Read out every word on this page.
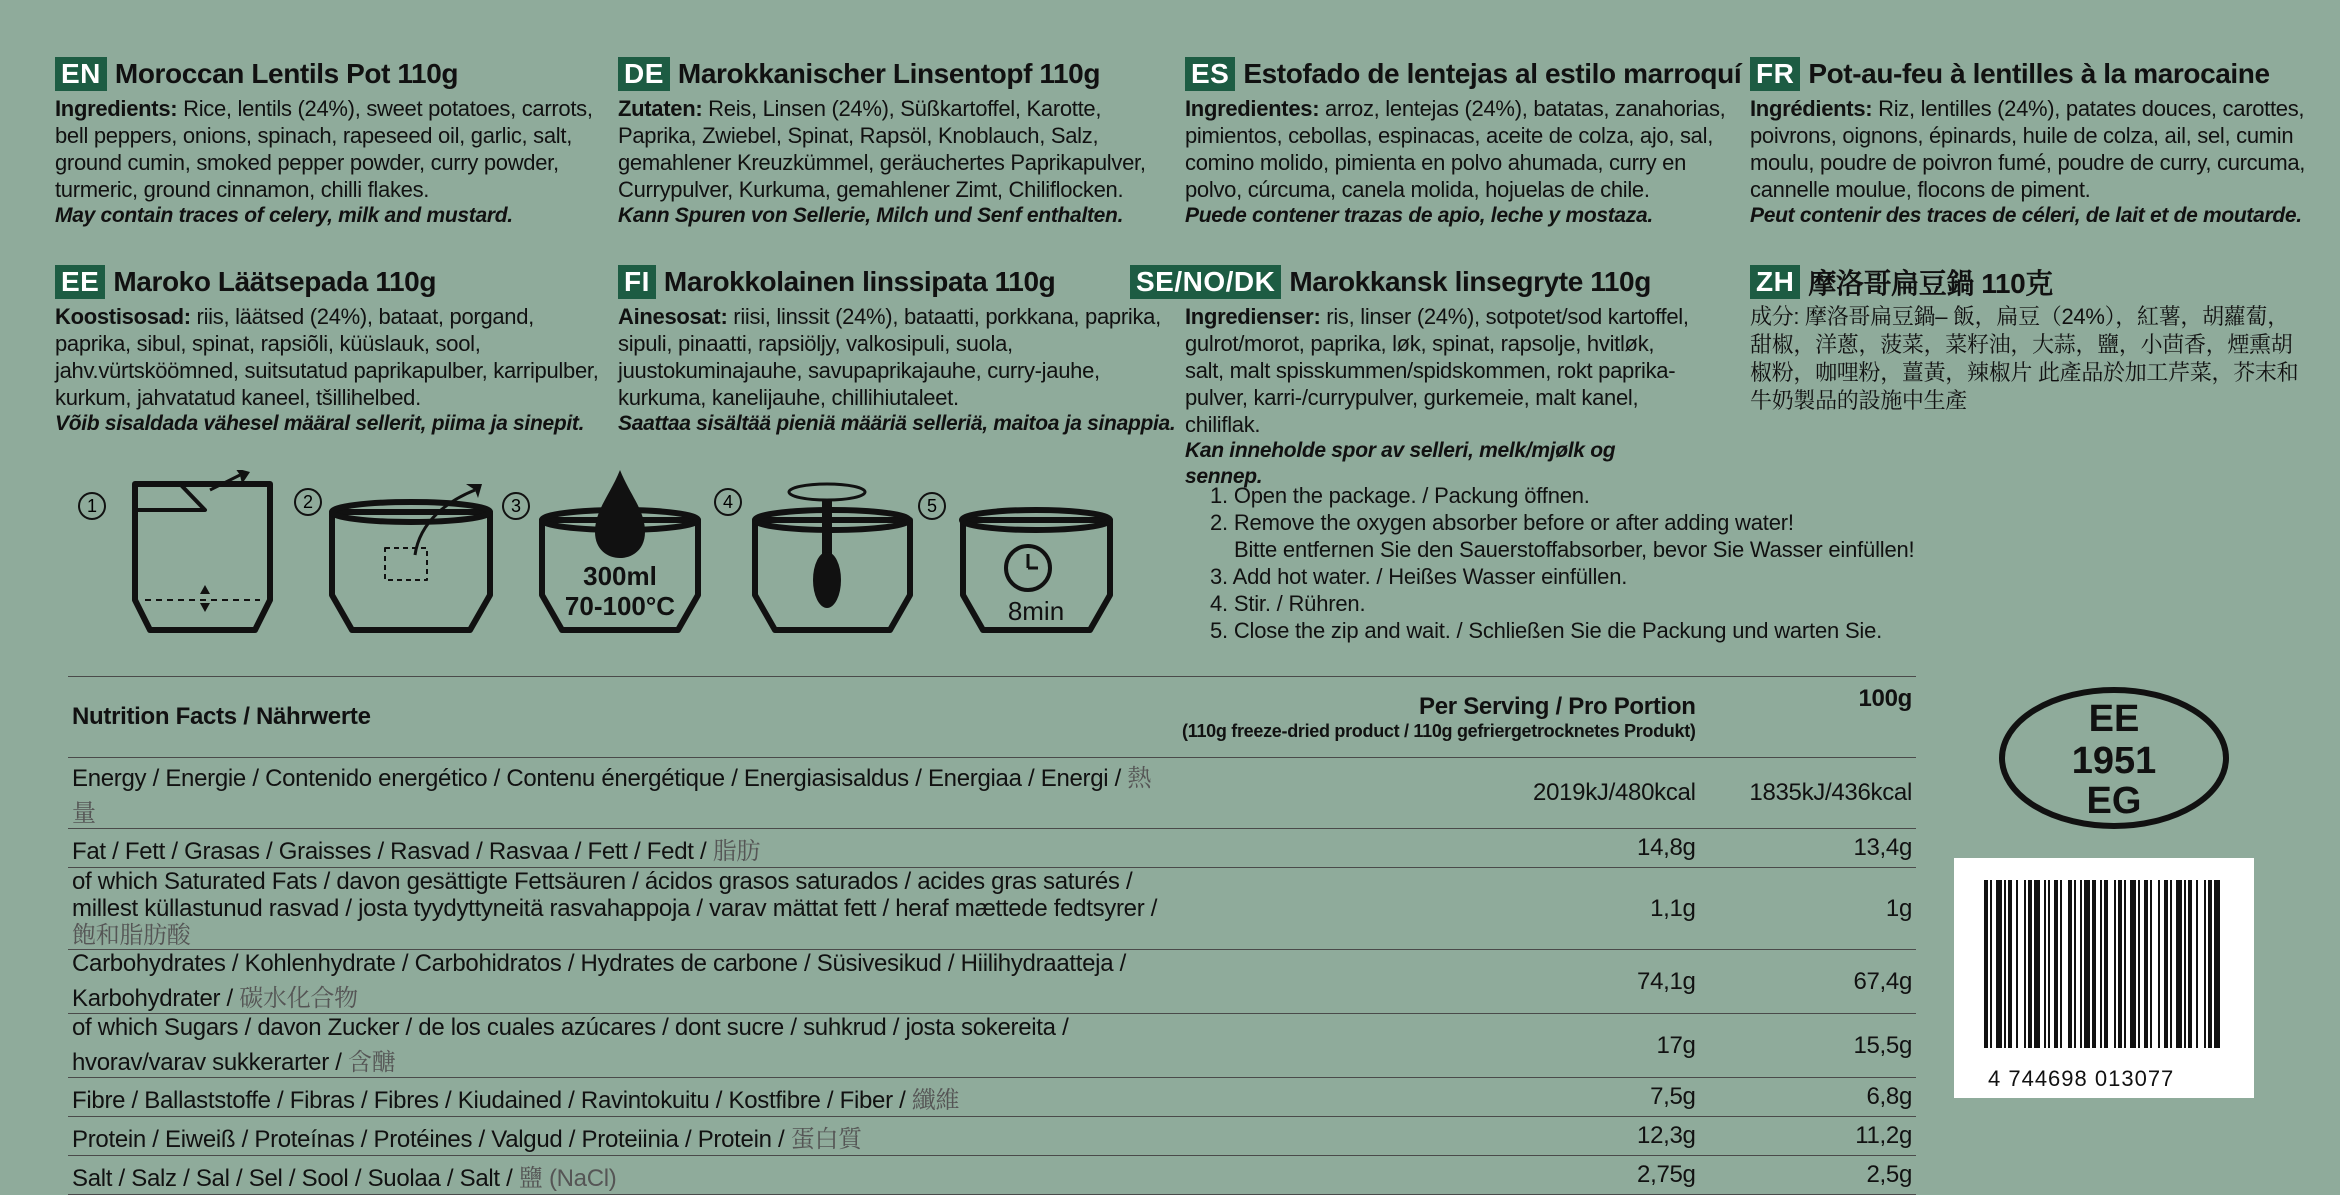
EN Moroccan Lentils Pot 110g
Ingredients: Rice, lentils (24%), sweet potatoes, carrots, bell peppers, onions, spinach, rapeseed oil, garlic, salt, ground cumin, smoked pepper powder, curry powder, turmeric, ground cinnamon, chilli flakes.
May contain traces of celery, milk and mustard.
DE Marokkanischer Linsentopf 110g
Zutaten: Reis, Linsen (24%), Süßkartoffel, Karotte, Paprika, Zwiebel, Spinat, Rapsöl, Knoblauch, Salz, gemahlener Kreuzkümmel, geräuchertes Paprikapulver, Currypulver, Kurkuma, gemahlener Zimt, Chiliflocken.
Kann Spuren von Sellerie, Milch und Senf enthalten.
ES Estofado de lentejas al estilo marroquí
Ingredientes: arroz, lentejas (24%), batatas, zanahorias, pimientos, cebollas, espinacas, aceite de colza, ajo, sal, comino molido, pimienta en polvo ahumada, curry en polvo, cúrcuma, canela molida, hojuelas de chile.
Puede contener trazas de apio, leche y mostaza.
FR Pot-au-feu à lentilles à la marocaine
Ingrédients: Riz, lentilles (24%), patates douces, carottes, poivrons, oignons, épinards, huile de colza, ail, sel, cumin moulu, poudre de poivron fumé, poudre de curry, curcuma, cannelle moulue, flocons de piment.
Peut contenir des traces de céleri, de lait et de moutarde.
EE Maroko Läätsepada 110g
Koostisosad: riis, läätsed (24%), bataat, porgand, paprika, sibul, spinat, rapsiõli, küüslauk, sool, jahv.vürtsköömned, suitsutatud paprikapulber, karripulber, kurkum, jahvatatud kaneel, tšillihelbed.
Võib sisaldada vähesel määral sellerit, piima ja sinepit.
FI Marokkolainen linssipata 110g
Ainesosat: riisi, linssit (24%), bataatti, porkkana, paprika, sipuli, pinaatti, rapsiöljy, valkosipuli, suola, juustokuminajauhe, savupaprikajauhe, curry-jauhe, kurkuma, kanelijauhe, chillihiutaleet.
Saattaa sisältää pieniä määriä selleriä, maitoa ja sinappia.
SE/NO/DK Marokkansk linsegryte 110g
Ingredienser: ris, linser (24%), sotpotet/sod kartoffel, gulrot/morot, paprika, løk, spinat, rapsolje, hvitløk, salt, malt spisskummen/spidskommen, rokt paprika-pulver, karri-/currypulver, gurkemeie, malt kanel, chiliflak.
Kan inneholde spor av selleri, melk/mjølk og sennep.
ZH 摩洛哥扁豆鍋 110克
成分: 摩洛哥扁豆鍋– 飯，扁豆（24%），紅薯，胡蘿蔔，甜椒，洋蔥，菠菜，菜籽油，大蒜，鹽，小茴香，煙熏胡椒粉，咖哩粉，薑黃，辣椒片 此產品於加工芹菜，芥末和牛奶製品的設施中生產
1	2	3	4	5
300ml
70-100°C	8min
1. Open the package. / Packung öffnen.
2. Remove the oxygen absorber before or after adding water!
Bitte entfernen Sie den Sauerstoffabsorber, bevor Sie Wasser einfüllen!
3. Add hot water. / Heißes Wasser einfüllen.
4. Stir. / Rühren.
5. Close the zip and wait. / Schließen Sie die Packung und warten Sie.
Nutrition Facts / Nährwerte	Per Serving / Pro Portion
(110g freeze-dried product / 110g gefriergetrocknetes Produkt)	100g
Energy / Energie / Contenido energético / Contenu énergétique / Energiasisaldus / Energiaa / Energi / 熱量	2019kJ/480kcal	1835kJ/436kcal
Fat / Fett / Grasas / Graisses / Rasvad / Rasvaa / Fett / Fedt / 脂肪	14,8g	13,4g
of which Saturated Fats / davon gesättigte Fettsäuren / ácidos grasos saturados / acides gras saturés / millest küllastunud rasvad / josta tyydyttyneitä rasvahappoja / varav mättat fett / heraf mættede fedtsyrer / 飽和脂肪酸	1,1g	1g
Carbohydrates / Kohlenhydrate / Carbohidratos / Hydrates de carbone / Süsivesikud / Hiilihydraatteja / Karbohydrater / 碳水化合物	74,1g	67,4g
of which Sugars / davon Zucker / de los cuales azúcares / dont sucre / suhkrud / josta sokereita / hvorav/varav sukkerarter / 含醣	17g	15,5g
Fibre / Ballaststoffe / Fibras / Fibres / Kiudained / Ravintokuitu / Kostfibre / Fiber / 纖維	7,5g	6,8g
Protein / Eiweiß / Proteínas / Protéines / Valgud / Proteiinia / Protein / 蛋白質	12,3g	11,2g
Salt / Salz / Sal / Sel / Sool / Suolaa / Salt / 鹽 (NaCl)	2,75g	2,5g
EE
1951
EG
4 744698 013077
